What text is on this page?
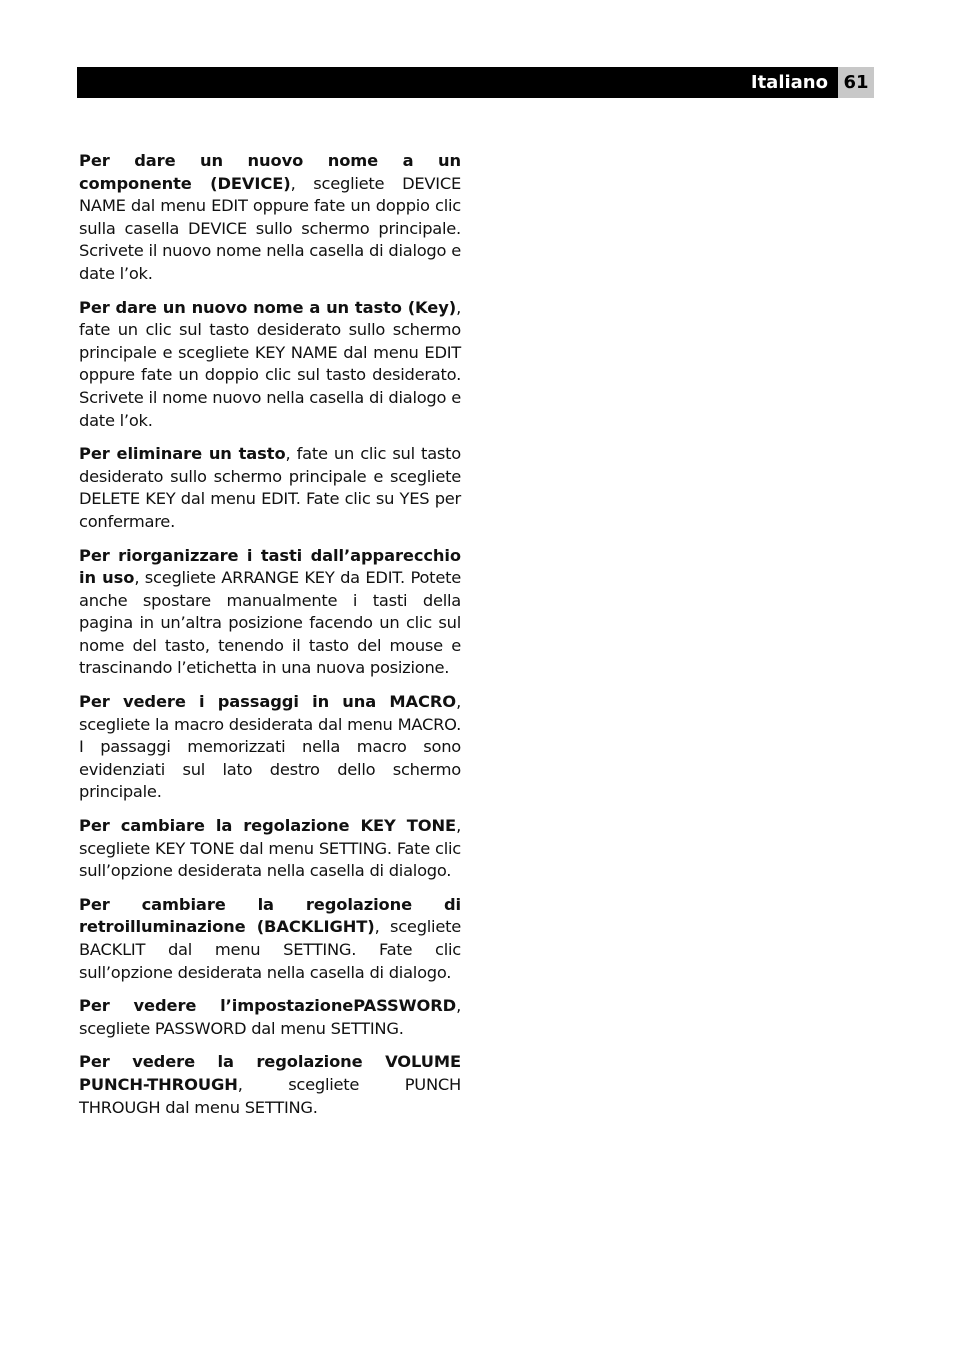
Italiano 61

Per dare un nuovo nome a un componente (DEVICE), scegliete DEVICE NAME dal menu EDIT oppure fate un doppio clic sulla casella DEVICE sullo schermo principale. Scrivete il nuovo nome nella casella di dialogo e date l’ok.

Per dare un nuovo nome a un tasto (Key), fate un clic sul tasto desiderato sullo schermo principale e scegliete KEY NAME dal menu EDIT oppure fate un doppio clic sul tasto desiderato. Scrivete il nome nuovo nella casella di dialogo e date l’ok.

Per eliminare un tasto, fate un clic sul tasto desiderato sullo schermo principale e scegliete DELETE KEY dal menu EDIT. Fate clic su YES per confermare.

Per riorganizzare i tasti dall’apparecchio in uso, scegliete ARRANGE KEY da EDIT. Potete anche spostare manualmente i tasti della pagina in un’altra posizione facendo un clic sul nome del tasto, tenendo il tasto del mouse e trascinando l’etichetta in una nuova posizione.

Per vedere i passaggi in una MACRO, scegliete la macro desiderata dal menu MACRO. I passaggi memorizzati nella macro sono evidenziati sul lato destro dello schermo principale.

Per cambiare la regolazione KEY TONE, scegliete KEY TONE dal menu SETTING. Fate clic sull’opzione desiderata nella casella di dialogo.

Per cambiare la regolazione di retroilluminazione (BACKLIGHT), scegliete BACKLIT dal menu SETTING. Fate clic sull’opzione desiderata nella casella di dialogo.

Per vedere l’impostazionePASSWORD, scegliete PASSWORD dal menu SETTING.

Per vedere la regolazione VOLUME PUNCH-THROUGH, scegliete PUNCH THROUGH dal menu SETTING.
